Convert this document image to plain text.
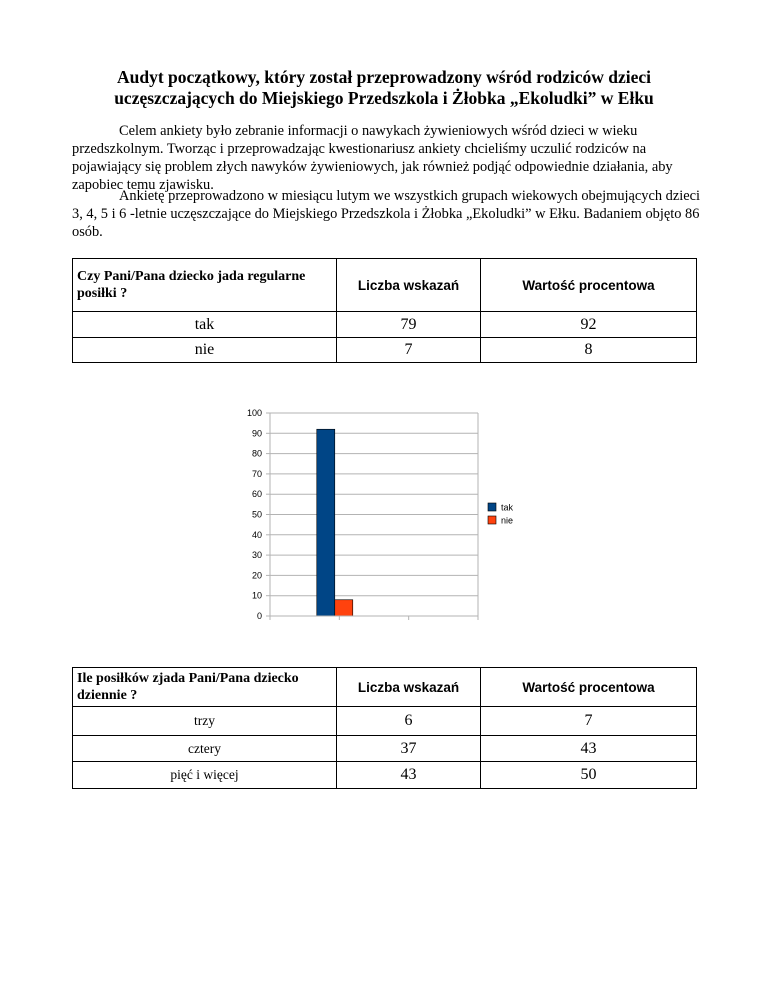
Audyt początkowy, który został przeprowadzony wśród rodziców dzieci uczęszczających do Miejskiego Przedszkola i Żłobka „Ekoludki” w Ełku
Celem ankiety było zebranie informacji o nawykach żywieniowych wśród dzieci w wieku przedszkolnym. Tworząc i przeprowadzając kwestionariusz ankiety chcieliśmy uczulić rodziców na pojawiający się problem złych nawyków żywieniowych, jak również podjąć odpowiednie działania, aby zapobiec temu zjawisku.
Ankietę przeprowadzono w miesiącu lutym we wszystkich grupach wiekowych obejmujących dzieci 3, 4, 5 i 6 -letnie uczęszczające do Miejskiego Przedszkola i Żłobka „Ekoludki” w Ełku. Badaniem objęto 86 osób.
Czy Pani/Pana dziecko jada regularne posiłki ?	Liczba wskazań	Wartość procentowa
tak	79	92
nie	7	8
0
10
20
30
40
50
60
70
80
90
100
tak
nie
Ile posiłków zjada Pani/Pana dziecko dziennie ?	Liczba wskazań	Wartość procentowa
trzy	6	7
cztery	37	43
pięć i więcej	43	50
